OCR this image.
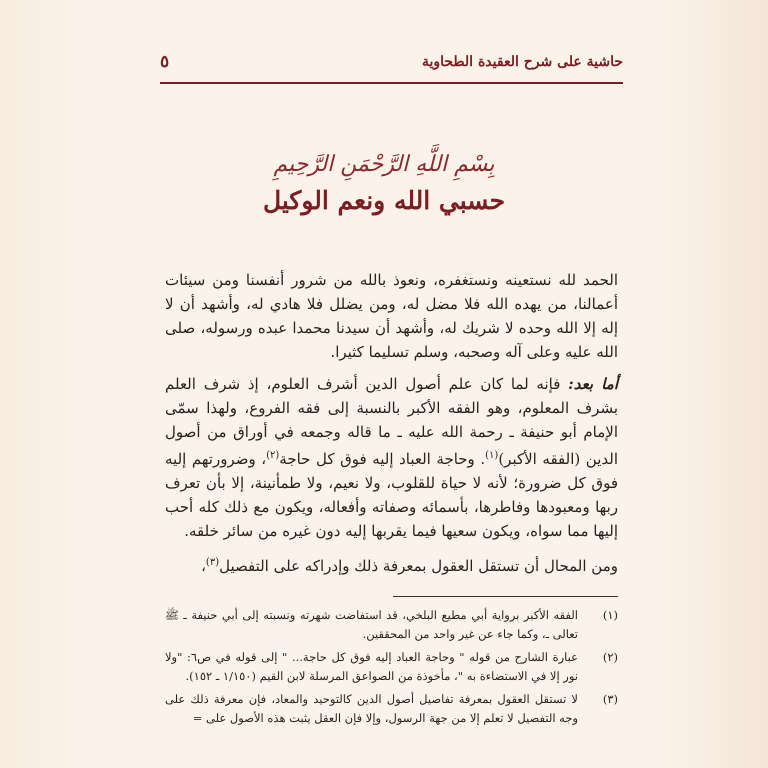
حاشية على شرح العقيدة الطحاوية
٥
بِسْمِ اللَّهِ الرَّحْمَنِ الرَّحِيمِ
حسبي الله ونعم الوكيل

الحمد لله نستعينه ونستغفره، ونعوذ بالله من شرور أنفسنا ومن سيئات أعمالنا، من يهده الله فلا مضل له، ومن يضلل فلا هادي له، وأشهد أن لا إله إلا الله وحده لا شريك له، وأشهد أن سيدنا محمدا عبده ورسوله، صلى الله عليه وعلى آله وصحبه، وسلم تسليما كثيرا.

أما بعد: فإنه لما كان علم أصول الدين أشرف العلوم، إذ شرف العلم بشرف المعلوم، وهو الفقه الأكبر بالنسبة إلى فقه الفروع، ولهذا سمّى الإمام أبو حنيفة ـ رحمة الله عليه ـ ما قاله وجمعه في أوراق من أصول الدين (الفقه الأكبر)$^{(١)}$. وحاجة العباد إليه فوق كل حاجة$^{(٢)}$، وضرورتهم إليه فوق كل ضرورة؛ لأنه لا حياة للقلوب، ولا نعيم، ولا طمأنينة، إلا بأن تعرف ربها ومعبودها وفاطرها، بأسمائه وصفاته وأفعاله، ويكون مع ذلك كله أحب إليها مما سواه، ويكون سعيها فيما يقربها إليه دون غيره من سائر خلقه.

ومن المحال أن تستقل العقول بمعرفة ذلك وإدراكه على التفصيل$^{(٣)}$،

(١)
الفقه الأكبر برواية أبي مطيع البلخي، قد استفاضت شهرته ونسبته إلى أبي حنيفة ـ ﷺ تعالى ـ، وكما جاء عن غير واحد من المحققين.
(٢)
عبارة الشارح من قوله " وحاجة العباد إليه فوق كل حاجة... " إلى قوله في ص٦: "ولا نور إلا في الاستضاءة به "، مأخوذة من الصواعق المرسلة لابن القيم (١/١٥٠ ـ ١٥٢).
(٣)
لا تستقل العقول بمعرفة تفاصيل أصول الدين كالتوحيد والمعاد، فإن معرفة ذلك على وجه التفصيل لا تعلم إلا من جهة الرسول، وإلا فإن العقل يثبت هذه الأصول على =
